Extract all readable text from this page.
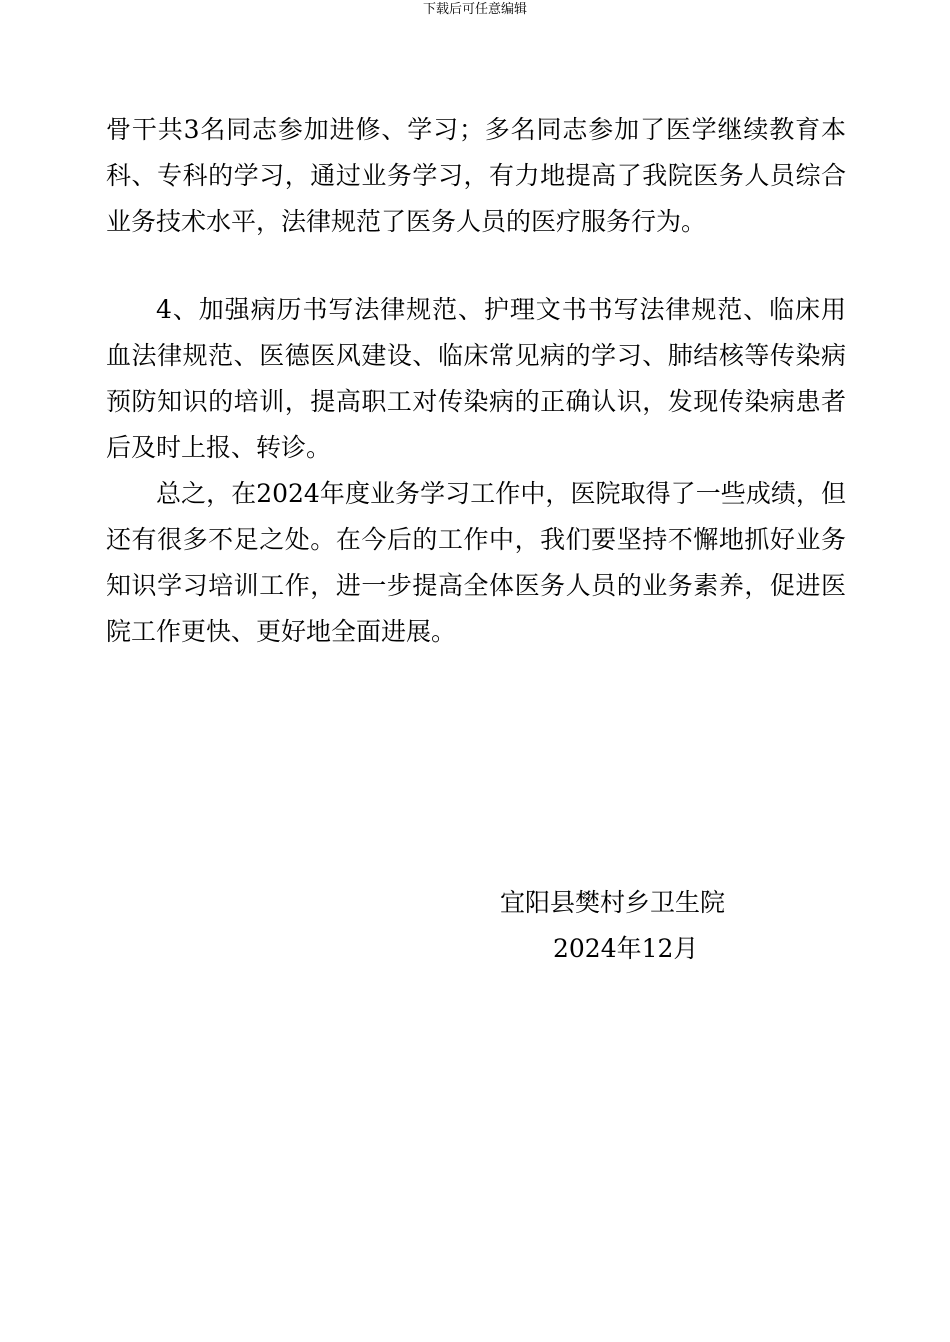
下载后可任意编辑

骨干共3名同志参加进修、学习；多名同志参加了医学继续教育本科、专科的学习，通过业务学习，有力地提高了我院医务人员综合业务技术水平，法律规范了医务人员的医疗服务行为。

4、加强病历书写法律规范、护理文书书写法律规范、临床用血法律规范、医德医风建设、临床常见病的学习、肺结核等传染病预防知识的培训，提高职工对传染病的正确认识，发现传染病患者后及时上报、转诊。

总之，在2024年度业务学习工作中，医院取得了一些成绩，但还有很多不足之处。在今后的工作中，我们要坚持不懈地抓好业务知识学习培训工作，进一步提高全体医务人员的业务素养，促进医院工作更快、更好地全面进展。

宜阳县樊村乡卫生院
2024年12月
